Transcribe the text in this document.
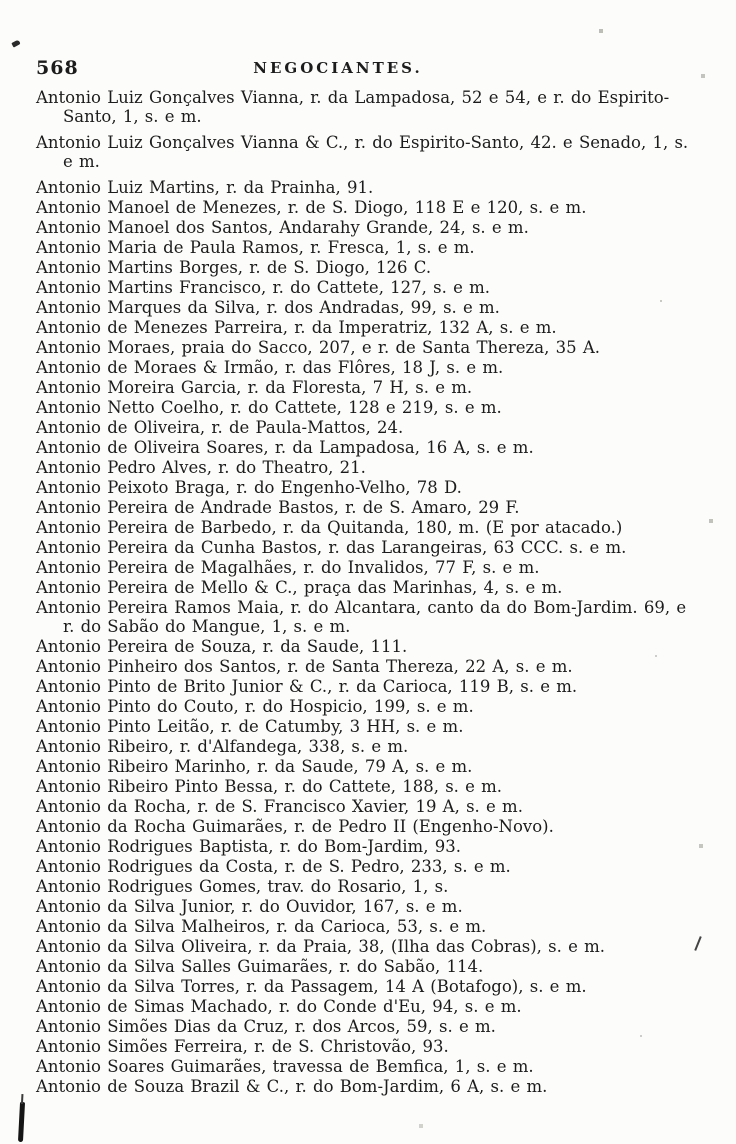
568	NEGOCIANTES.
Antonio Luiz Gonçalves Vianna, r. da Lampadosa, 52 e 54, e r. do Espirito-Santo, 1, s. e m.
Antonio Luiz Gonçalves Vianna & C., r. do Espirito-Santo, 42. e Senado, 1, s. e m.
Antonio Luiz Martins, r. da Prainha, 91.
Antonio Manoel de Menezes, r. de S. Diogo, 118 E e 120, s. e m.
Antonio Manoel dos Santos, Andarahy Grande, 24, s. e m.
Antonio Maria de Paula Ramos, r. Fresca, 1, s. e m.
Antonio Martins Borges, r. de S. Diogo, 126 C.
Antonio Martins Francisco, r. do Cattete, 127, s. e m.
Antonio Marques da Silva, r. dos Andradas, 99, s. e m.
Antonio de Menezes Parreira, r. da Imperatriz, 132 A, s. e m.
Antonio Moraes, praia do Sacco, 207, e r. de Santa Thereza, 35 A.
Antonio de Moraes & Irmão, r. das Flôres, 18 J, s. e m.
Antonio Moreira Garcia, r. da Floresta, 7 H, s. e m.
Antonio Netto Coelho, r. do Cattete, 128 e 219, s. e m.
Antonio de Oliveira, r. de Paula-Mattos, 24.
Antonio de Oliveira Soares, r. da Lampadosa, 16 A, s. e m.
Antonio Pedro Alves, r. do Theatro, 21.
Antonio Peixoto Braga, r. do Engenho-Velho, 78 D.
Antonio Pereira de Andrade Bastos, r. de S. Amaro, 29 F.
Antonio Pereira de Barbedo, r. da Quitanda, 180, m. (E por atacado.)
Antonio Pereira da Cunha Bastos, r. das Larangeiras, 63 CCC. s. e m.
Antonio Pereira de Magalhães, r. do Invalidos, 77 F, s. e m.
Antonio Pereira de Mello & C., praça das Marinhas, 4, s. e m.
Antonio Pereira Ramos Maia, r. do Alcantara, canto da do Bom-Jardim. 69, e r. do Sabão do Mangue, 1, s. e m.
Antonio Pereira de Souza, r. da Saude, 111.
Antonio Pinheiro dos Santos, r. de Santa Thereza, 22 A, s. e m.
Antonio Pinto de Brito Junior & C., r. da Carioca, 119 B, s. e m.
Antonio Pinto do Couto, r. do Hospicio, 199, s. e m.
Antonio Pinto Leitão, r. de Catumby, 3 HH, s. e m.
Antonio Ribeiro, r. d'Alfandega, 338, s. e m.
Antonio Ribeiro Marinho, r. da Saude, 79 A, s. e m.
Antonio Ribeiro Pinto Bessa, r. do Cattete, 188, s. e m.
Antonio da Rocha, r. de S. Francisco Xavier, 19 A, s. e m.
Antonio da Rocha Guimarães, r. de Pedro II (Engenho-Novo).
Antonio Rodrigues Baptista, r. do Bom-Jardim, 93.
Antonio Rodrigues da Costa, r. de S. Pedro, 233, s. e m.
Antonio Rodrigues Gomes, trav. do Rosario, 1, s.
Antonio da Silva Junior, r. do Ouvidor, 167, s. e m.
Antonio da Silva Malheiros, r. da Carioca, 53, s. e m.
Antonio da Silva Oliveira, r. da Praia, 38, (Ilha das Cobras), s. e m.
Antonio da Silva Salles Guimarães, r. do Sabão, 114.
Antonio da Silva Torres, r. da Passagem, 14 A (Botafogo), s. e m.
Antonio de Simas Machado, r. do Conde d'Eu, 94, s. e m.
Antonio Simões Dias da Cruz, r. dos Arcos, 59, s. e m.
Antonio Simões Ferreira, r. de S. Christovão, 93.
Antonio Soares Guimarães, travessa de Bemfica, 1, s. e m.
Antonio de Souza Brazil & C., r. do Bom-Jardim, 6 A, s. e m.
